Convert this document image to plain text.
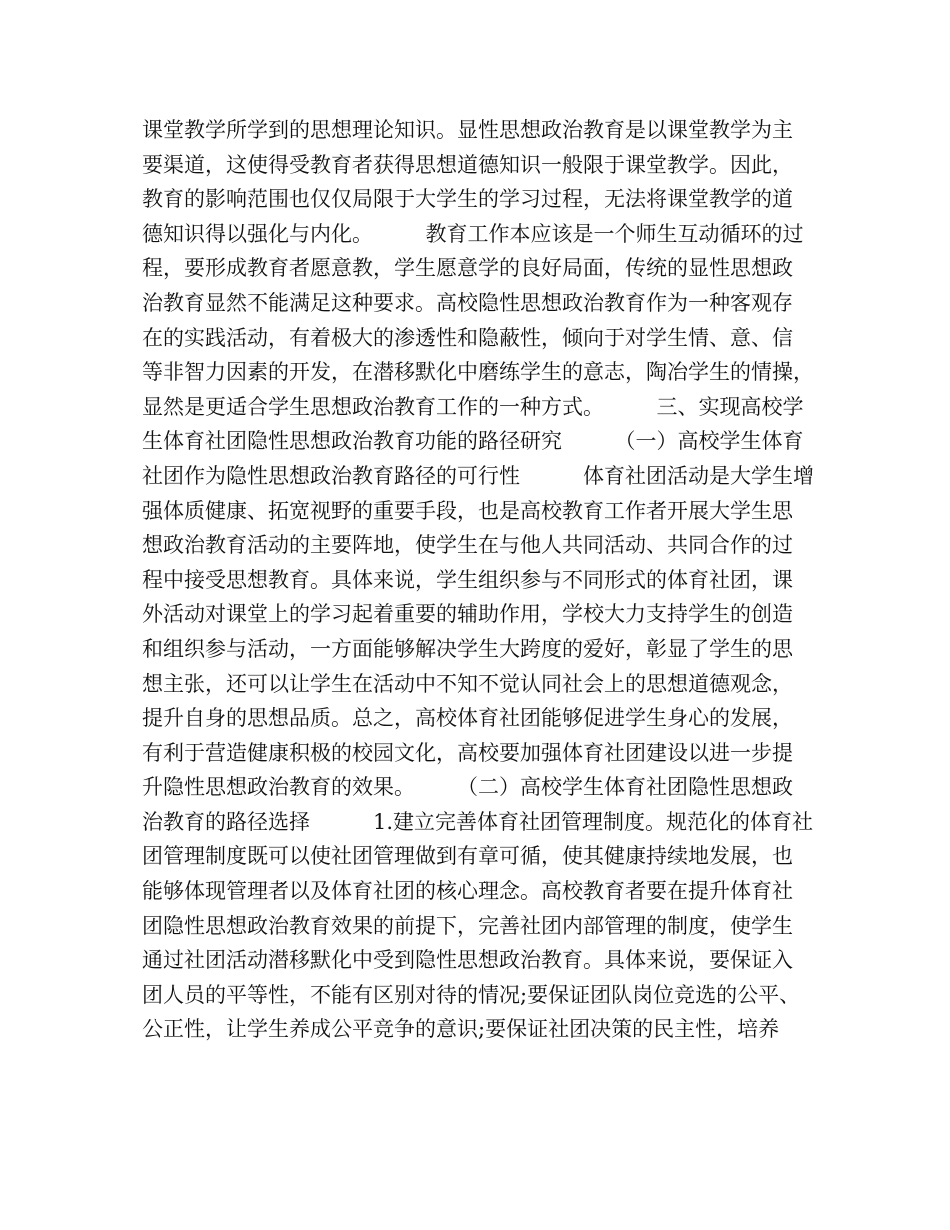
课堂教学所学到的思想理论知识。显性思想政治教育是以课堂教学为主
要渠道，这使得受教育者获得思想道德知识一般限于课堂教学。因此，
教育的影响范围也仅仅局限于大学生的学习过程，无法将课堂教学的道
德知识得以强化与内化。　　　教育工作本应该是一个师生互动循环的过
程，要形成教育者愿意教，学生愿意学的良好局面，传统的显性思想政
治教育显然不能满足这种要求。高校隐性思想政治教育作为一种客观存
在的实践活动，有着极大的渗透性和隐蔽性，倾向于对学生情、意、信
等非智力因素的开发，在潜移默化中磨练学生的意志，陶冶学生的情操，
显然是更适合学生思想政治教育工作的一种方式。　　　三、实现高校学
生体育社团隐性思想政治教育功能的路径研究　　　（一）高校学生体育
社团作为隐性思想政治教育路径的可行性　　　体育社团活动是大学生增
强体质健康、拓宽视野的重要手段，也是高校教育工作者开展大学生思
想政治教育活动的主要阵地，使学生在与他人共同活动、共同合作的过
程中接受思想教育。具体来说，学生组织参与不同形式的体育社团，课
外活动对课堂上的学习起着重要的辅助作用，学校大力支持学生的创造
和组织参与活动，一方面能够解决学生大跨度的爱好，彰显了学生的思
想主张，还可以让学生在活动中不知不觉认同社会上的思想道德观念，
提升自身的思想品质。总之，高校体育社团能够促进学生身心的发展，
有利于营造健康积极的校园文化，高校要加强体育社团建设以进一步提
升隐性思想政治教育的效果。　　　（二）高校学生体育社团隐性思想政
治教育的路径选择　　　1.建立完善体育社团管理制度。规范化的体育社
团管理制度既可以使社团管理做到有章可循，使其健康持续地发展，也
能够体现管理者以及体育社团的核心理念。高校教育者要在提升体育社
团隐性思想政治教育效果的前提下，完善社团内部管理的制度，使学生
通过社团活动潜移默化中受到隐性思想政治教育。具体来说，要保证入
团人员的平等性，不能有区别对待的情况;要保证团队岗位竞选的公平、
公正性，让学生养成公平竞争的意识;要保证社团决策的民主性，培养
